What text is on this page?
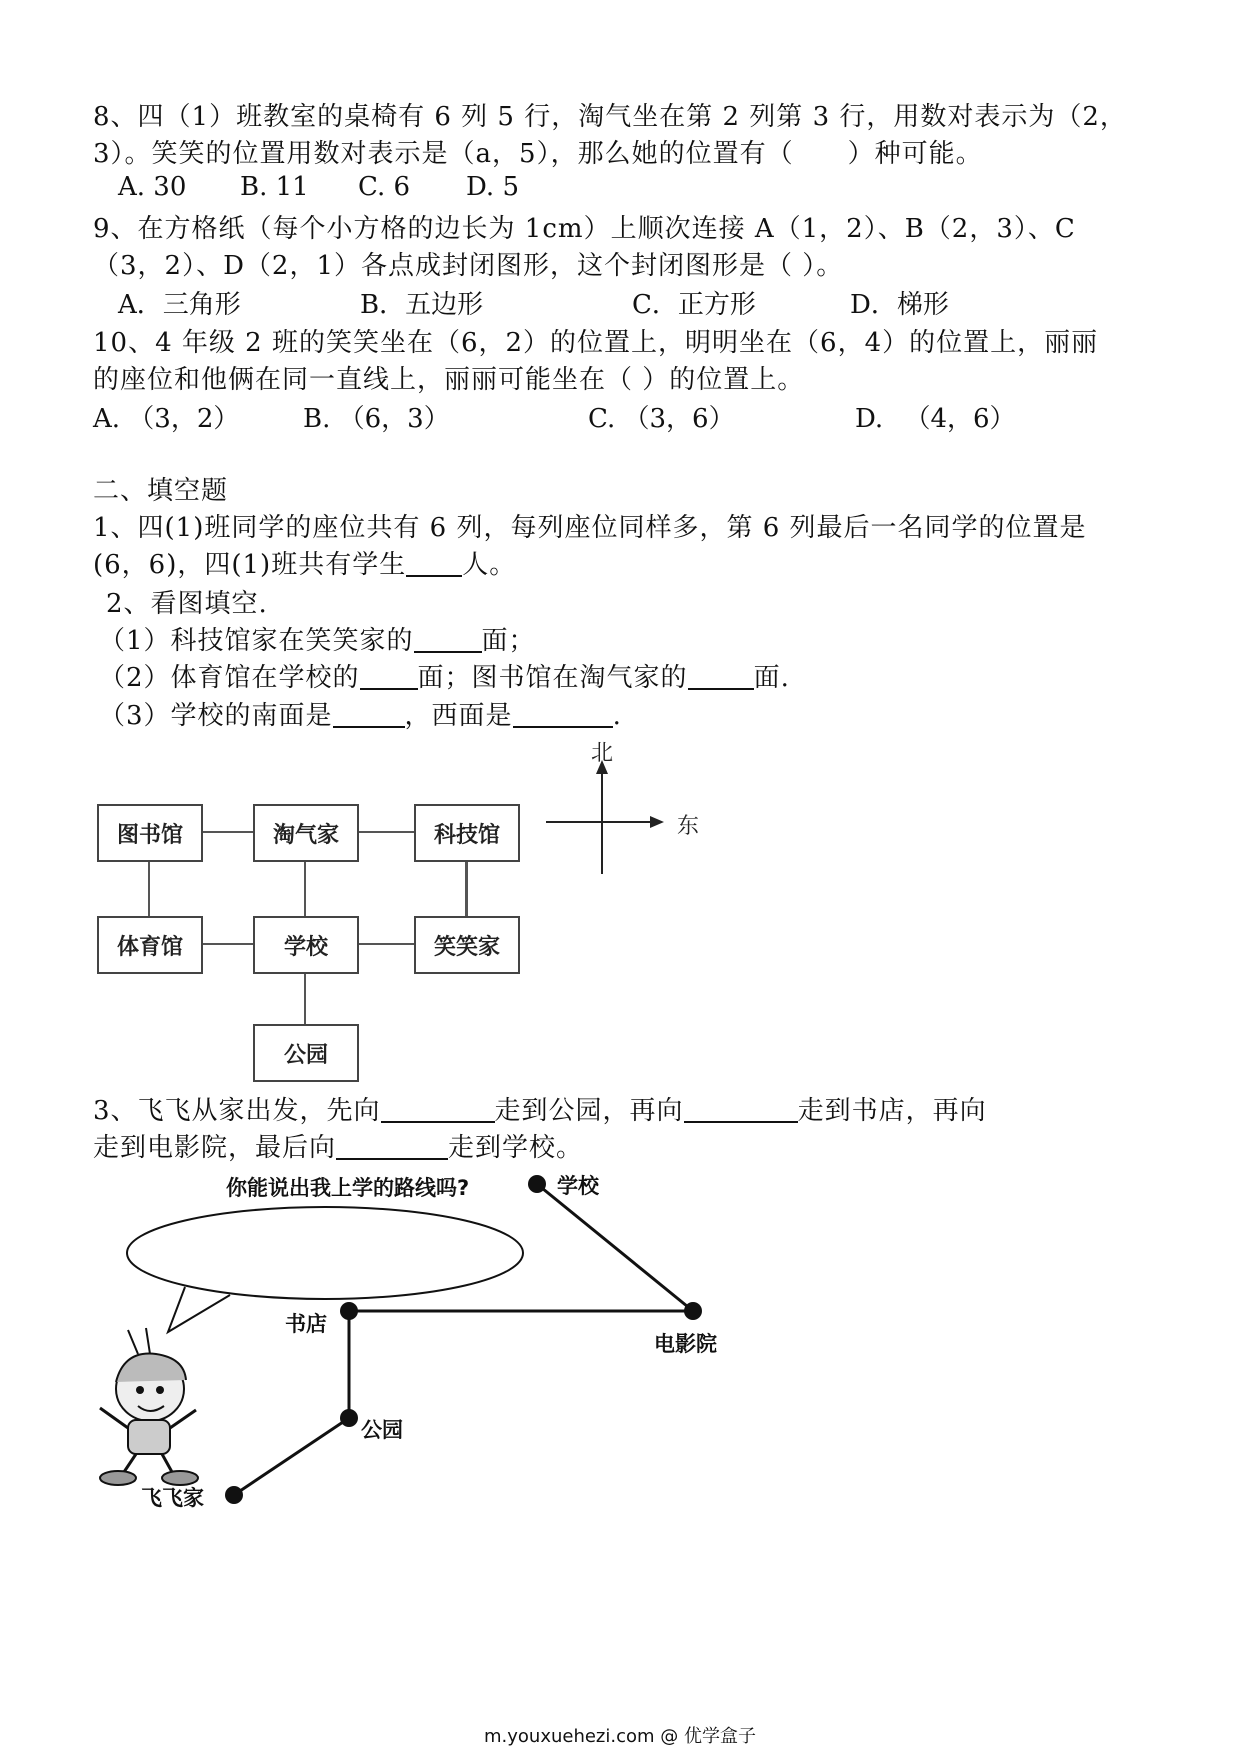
8、四（1）班教室的桌椅有 6 列 5 行，淘气坐在第 2 列第 3 行，用数对表示为（2，
3）。笑笑的位置用数对表示是（a，5），那么她的位置有（　　）种可能。
A. 30 B. 11 C. 6 D. 5
9、在方格纸（每个小方格的边长为 1cm）上顺次连接 A（1，2）、B（2，3）、C
（3，2）、D（2，1）各点成封闭图形，这个封闭图形是（ ）。
A．三角形	B．五边形	C．正方形	D．梯形
10、4 年级 2 班的笑笑坐在（6，2）的位置上，明明坐在（6，4）的位置上，丽丽
的座位和他俩在同一直线上，丽丽可能坐在（ ）的位置上。
A. （3，2） B. （6，3）	C. （3，6）	D. 　（4，6）
二、填空题
1、四(1)班同学的座位共有 6 列，每列座位同样多，第 6 列最后一名同学的位置是
(6，6)，四(1)班共有学生 人。
2、看图填空.
（1）科技馆家在笑笑家的	面；
（2）体育馆在学校的 面；图书馆在淘气家的	面.
（3）学校的南面是	，西面是	.
图书馆	淘气家	科技馆
体育馆	学校	笑笑家
公园
北
东
3、飞飞从家出发，先向	走到公园，再向	走到书店，再向
走到电影院，最后向	走到学校。
你能说出我上学的路线吗?	学校
书店
电影院
公园
飞飞家
m.youxuehezi.com @ 优学盒子
